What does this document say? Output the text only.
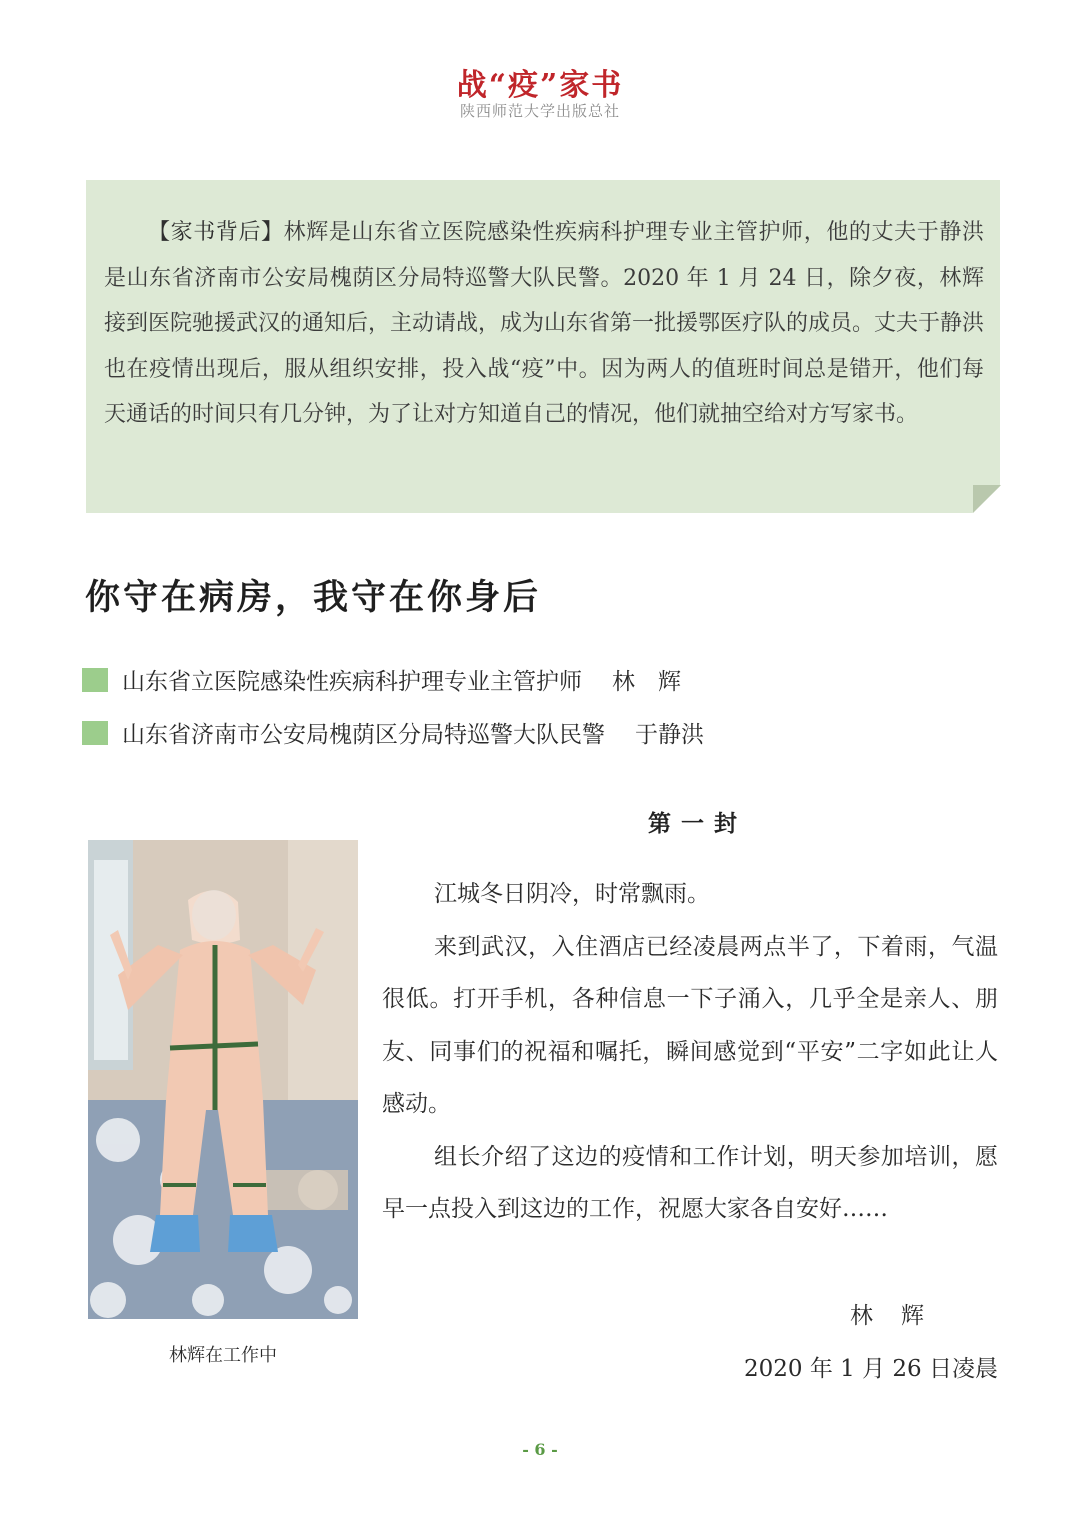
战“疫”家书
陕西师范大学出版总社
【家书背后】林辉是山东省立医院感染性疾病科护理专业主管护师，他的丈夫于静洪是山东省济南市公安局槐荫区分局特巡警大队民警。2020 年 1 月 24 日，除夕夜，林辉接到医院驰援武汉的通知后，主动请战，成为山东省第一批援鄂医疗队的成员。丈夫于静洪也在疫情出现后，服从组织安排，投入战“疫”中。因为两人的值班时间总是错开，他们每天通话的时间只有几分钟，为了让对方知道自己的情况，他们就抽空给对方写家书。
你守在病房，我守在你身后
山东省立医院感染性疾病科护理专业主管护师 林　辉
山东省济南市公安局槐荫区分局特巡警大队民警 于静洪
林辉在工作中
第一封

江城冬日阴冷，时常飘雨。

来到武汉，入住酒店已经凌晨两点半了，下着雨，气温很低。打开手机，各种信息一下子涌入，几乎全是亲人、朋友、同事们的祝福和嘱托，瞬间感觉到“平安”二字如此让人感动。

组长介绍了这边的疫情和工作计划，明天参加培训，愿早一点投入到这边的工作，祝愿大家各自安好……

林 辉
2020 年 1 月 26 日凌晨
- 6 -
